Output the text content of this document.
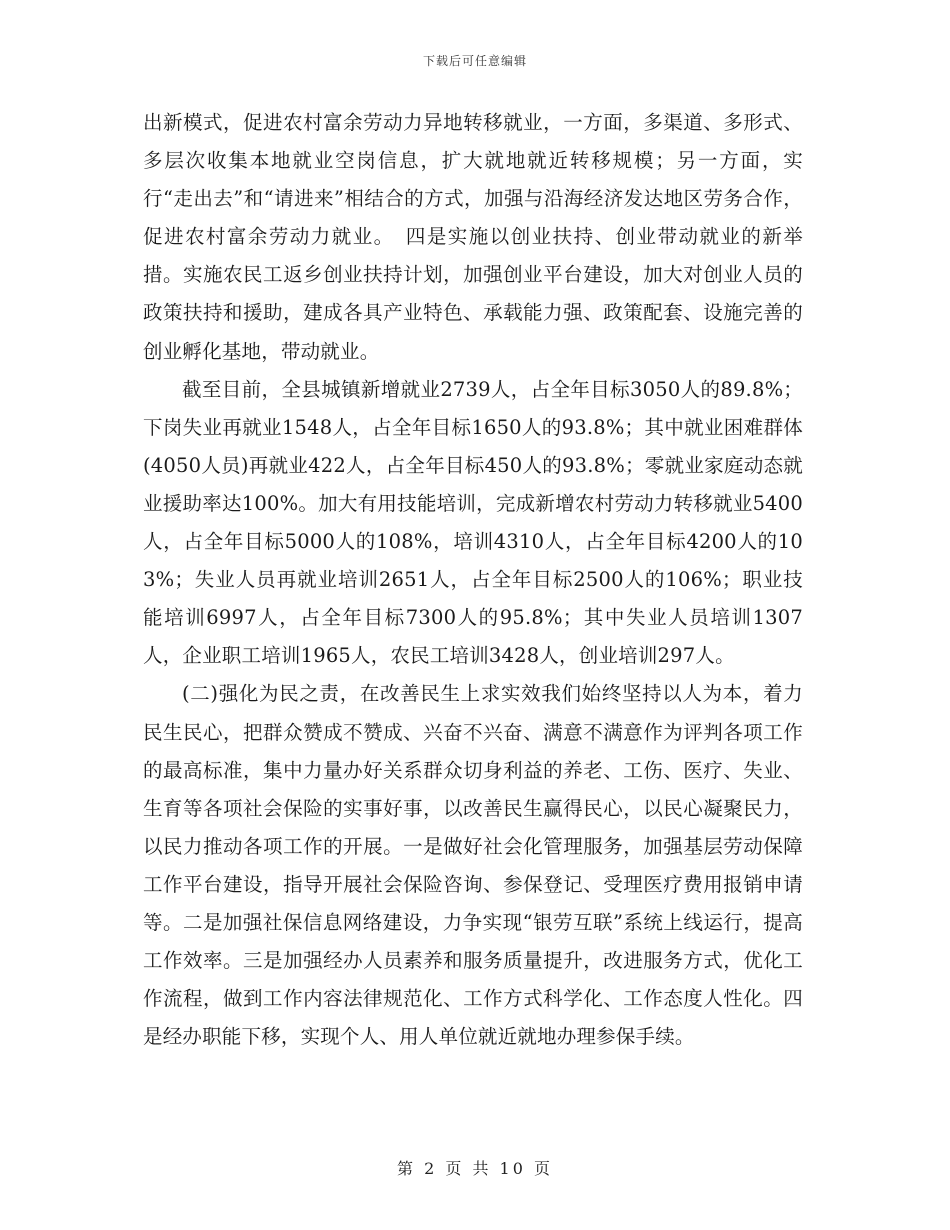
下载后可任意编辑

出新模式，促进农村富余劳动力异地转移就业，一方面，多渠道、多形式、多层次收集本地就业空岗信息，扩大就地就近转移规模；另一方面，实行“走出去”和“请进来”相结合的方式，加强与沿海经济发达地区劳务合作，促进农村富余劳动力就业。　四是实施以创业扶持、创业带动就业的新举措。实施农民工返乡创业扶持计划，加强创业平台建设，加大对创业人员的政策扶持和援助，建成各具产业特色、承载能力强、政策配套、设施完善的创业孵化基地，带动就业。

截至目前，全县城镇新增就业2739人，占全年目标3050人的89.8%；下岗失业再就业1548人，占全年目标1650人的93.8%；其中就业困难群体(4050人员)再就业422人，占全年目标450人的93.8%；零就业家庭动态就业援助率达100%。加大有用技能培训，完成新增农村劳动力转移就业5400人，占全年目标5000人的108%，培训4310人，占全年目标4200人的103%；失业人员再就业培训2651人，占全年目标2500人的106%；职业技能培训6997人，占全年目标7300人的95.8%；其中失业人员培训1307人，企业职工培训1965人，农民工培训3428人，创业培训297人。

(二)强化为民之责，在改善民生上求实效我们始终坚持以人为本，着力民生民心，把群众赞成不赞成、兴奋不兴奋、满意不满意作为评判各项工作的最高标准，集中力量办好关系群众切身利益的养老、工伤、医疗、失业、生育等各项社会保险的实事好事，以改善民生赢得民心，以民心凝聚民力，以民力推动各项工作的开展。一是做好社会化管理服务，加强基层劳动保障工作平台建设，指导开展社会保险咨询、参保登记、受理医疗费用报销申请等。二是加强社保信息网络建设，力争实现“银劳互联”系统上线运行，提高工作效率。三是加强经办人员素养和服务质量提升，改进服务方式，优化工作流程，做到工作内容法律规范化、工作方式科学化、工作态度人性化。四是经办职能下移，实现个人、用人单位就近就地办理参保手续。

第 2 页 共 10 页
